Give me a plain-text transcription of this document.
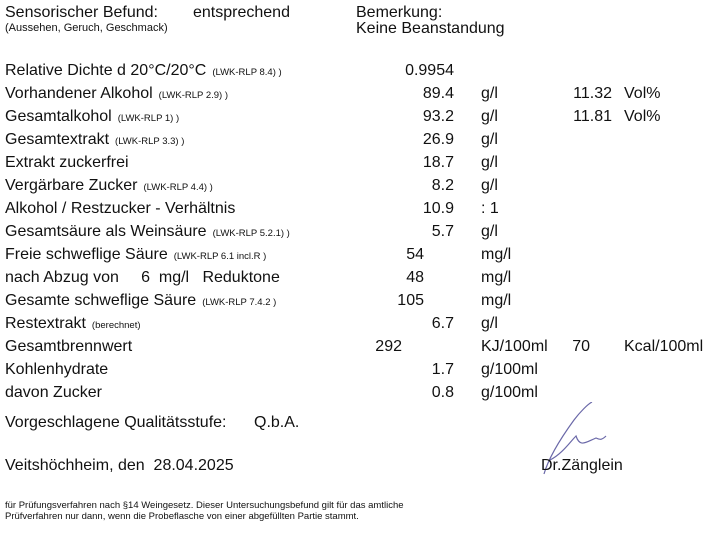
Sensorischer Befund: entsprechend
(Aussehen, Geruch, Geschmack)
Bemerkung:
Keine Beanstandung
Relative Dichte d 20°C/20°C (LWK-RLP 8.4) )	0.9954
Vorhandener Alkohol (LWK-RLP 2.9) )	89.4 g/l	11.32 Vol%
Gesamtalkohol (LWK-RLP 1) )	93.2 g/l	11.81 Vol%
Gesamtextrakt (LWK-RLP 3.3) )	26.9 g/l
Extrakt zuckerfrei	18.7 g/l
Vergärbare Zucker (LWK-RLP 4.4) )	8.2 g/l
Alkohol / Restzucker - Verhältnis	10.9 : 1
Gesamtsäure als Weinsäure (LWK-RLP 5.2.1) )	5.7 g/l
Freie schweflige Säure (LWK-RLP 6.1 incl.R )	54	mg/l
nach Abzug von     6  mg/l   Reduktone	48	mg/l
Gesamte schweflige Säure (LWK-RLP 7.4.2 )	105	mg/l
Restextrakt (berechnet)	6.7 g/l
Gesamtbrennwert	292	KJ/100ml	70 Kcal/100ml
Kohlenhydrate	1.7 g/100ml
davon Zucker	0.8 g/100ml
Vorgeschlagene Qualitätsstufe: Q.b.A.
Veitshöchheim, den  28.04.2025	Dr.Zänglein
für Prüfungsverfahren nach §14 Weingesetz. Dieser Untersuchungsbefund gilt für das amtliche
Prüfverfahren nur dann, wenn die Probeflasche von einer abgefüllten Partie stammt.
